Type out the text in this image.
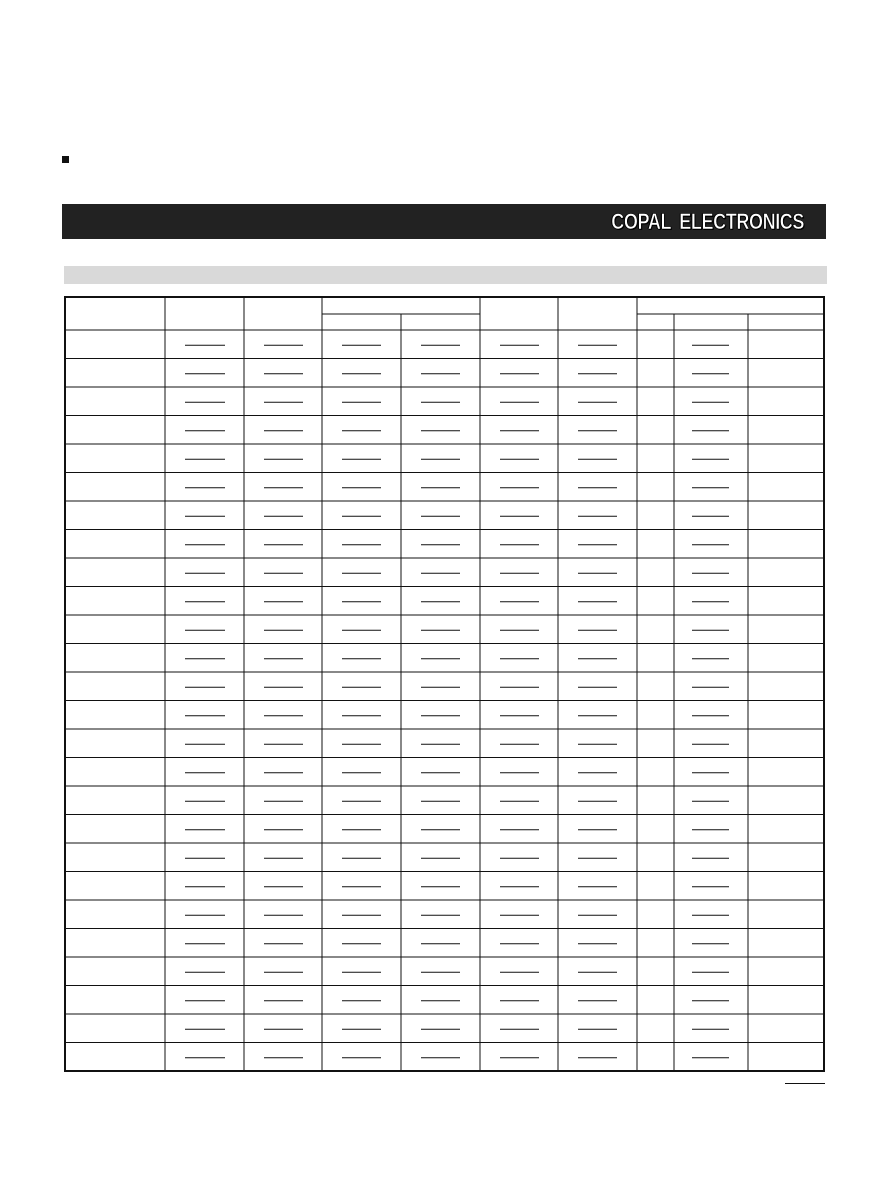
COPAL ELECTRONICS
